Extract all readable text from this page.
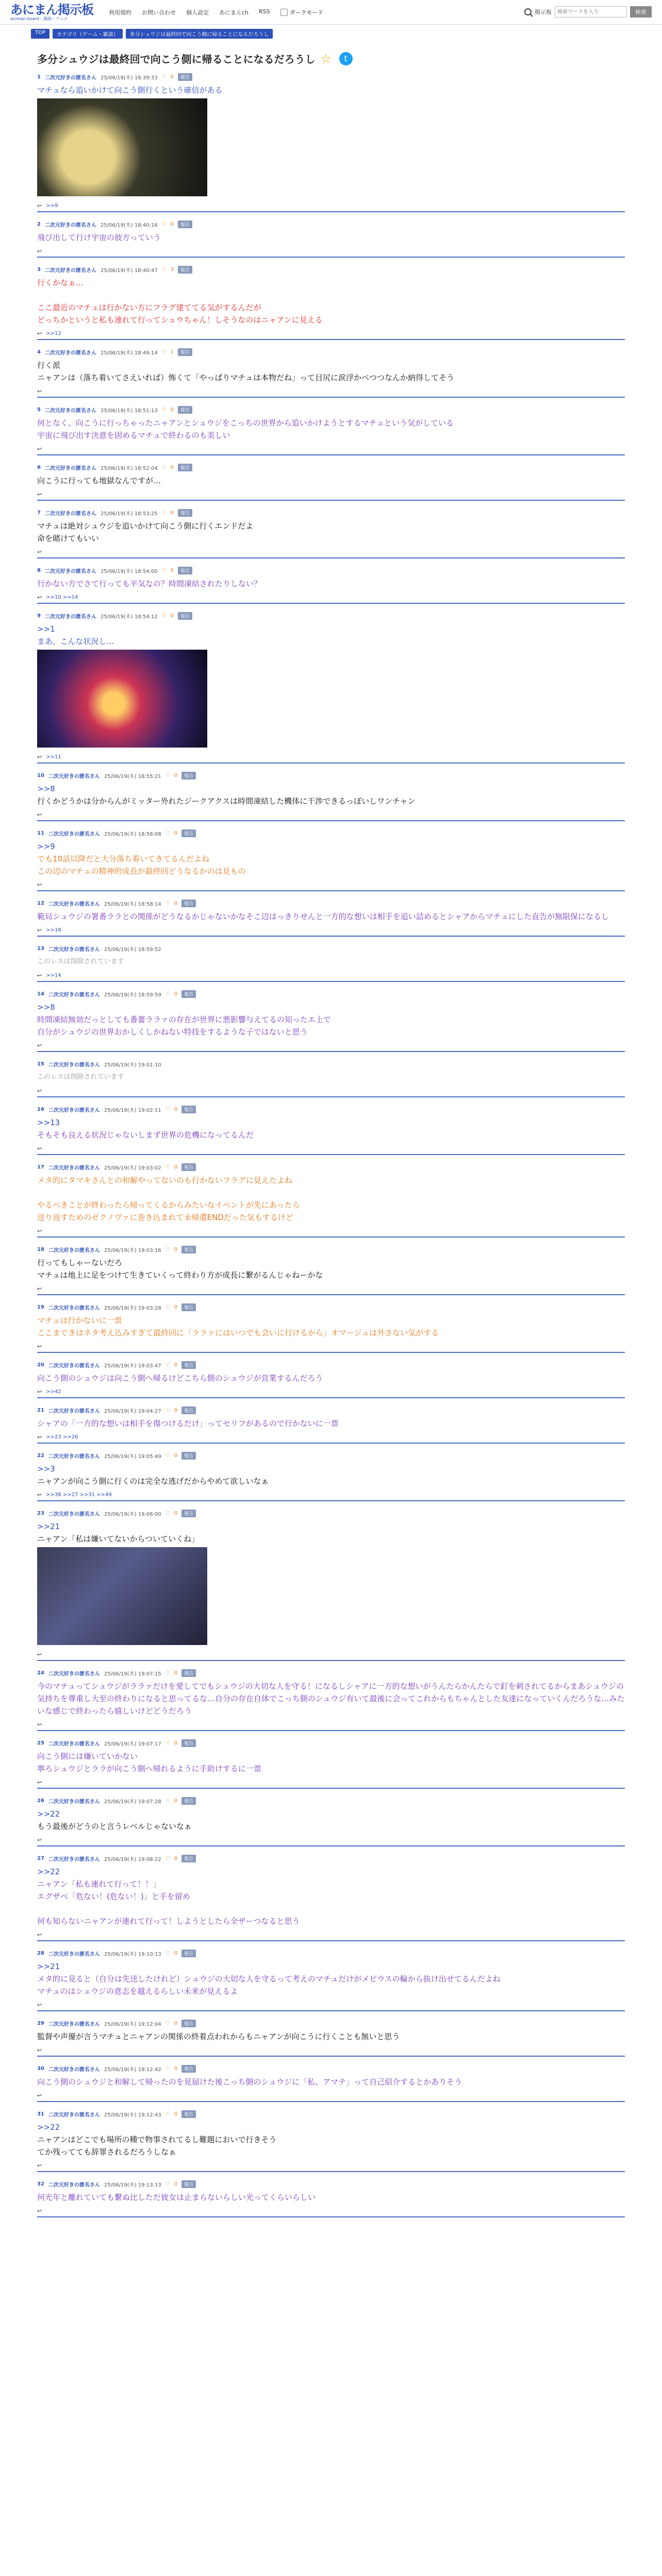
あにまん掲示板
animan board - 漫画・アニメ
利用規約 お問い合わせ 個人設定 あにまんch RSS	ダークモード	掲示板
検索ワードを入力	検索
TOP	カテゴリ（ゲーム・雑談）	多分シュウジは最終回で向こう側に帰ることになるだろうし
多分シュウジは最終回で向こう側に帰ることになるだろうし ☆	t
1 二次元好きの匿名さん 25/06/19(木) 18:39:33 ♡ 0	報告

マチュなら追いかけて向こう側行くという確信がある

↩ >>9
2 二次元好きの匿名さん 25/06/19(木) 18:40:16 ♡ 0	報告

飛び出して行け宇宙の彼方っていう

↩
3 二次元好きの匿名さん 25/06/19(木) 18:40:47 ♡ 3	報告

行くかなぁ…

ここ最近のマチュは行かない方にフラグ建ててる気がするんだが

どっちかというと私も連れて行ってシュウちゃん！しそうなのはニャアンに見える

↩ >>12
4 二次元好きの匿名さん 25/06/19(木) 18:49:14 ♡ 1	報告

行く派

ニャアンは（落ち着いてさえいれば）怖くて「やっぱりマチュは本物だね」って目尻に涙浮かべつつなんか納得してそう

↩
5 二次元好きの匿名さん 25/06/19(木) 18:51:13 ♡ 0	報告

何となく、向こうに行っちゃったニャアンとシュウジをこっちの世界から追いかけようとするマチュという気がしている

宇宙に飛び出す決意を固めるマチュで終わるのも美しい

↩
6 二次元好きの匿名さん 25/06/19(木) 18:52:04 ♡ 0	報告

向こうに行っても地獄なんですが…

↩
7 二次元好きの匿名さん 25/06/19(木) 18:53:25 ♡ 0	報告

マチュは絶対シュウジを追いかけて向こう側に行くエンドだよ

命を賭けてもいい

↩
8 二次元好きの匿名さん 25/06/19(木) 18:54:00 ♡ 0	報告

行かない方でさて行っても平気なの？時間凍結されたりしない？

↩ >>10 >>14
9 二次元好きの匿名さん 25/06/19(木) 18:54:12 ♡ 0	報告

>>1

まあ、こんな状況し…

↩ >>11
10 二次元好きの匿名さん 25/06/19(木) 18:55:21 ♡ 0	報告

>>8

行くかどうかは分からんがミッター外れたジークアクスは時間凍結した機体に干渉できるっぽいしワンチャン

↩
11 二次元好きの匿名さん 25/06/19(木) 18:58:08 ♡ 0	報告

>>9

でも10話以降だと大分落ち着いてきてるんだよね

この辺のマチュの精神的成長が最終回どうなるかのは見もの

↩
12 二次元好きの匿名さん 25/06/19(木) 18:58:14 ♡ 0	報告

範局シュウジの署番ララとの関係がどうなるかじゃないかなそこ辺はっきりせんと一方的な想いは相手を追い詰めるとシャアからマチュにした直告が無限保になるし

↩ >>16
13 二次元好きの匿名さん 25/06/19(木) 18:59:52

このレスは削除されています

↩ >>14
14 二次元好きの匿名さん 25/06/19(木) 18:59:59 ♡ 0	報告

>>8

時間凍結無効だっとしても番薔ララァの存在が世界に悪影響与えてるの知ったエ上で

自分がシュウジの世界おかしくしかねない特技をするような子ではないと思う

↩
15 二次元好きの匿名さん 25/06/19(木) 19:01:10

このレスは削除されています

↩
16 二次元好きの匿名さん 25/06/19(木) 19:02:11 ♡ 0	報告

>>13

そもそも良える状況じゃないしまず世界の危機になってるんだ

↩
17 二次元好きの匿名さん 25/06/19(木) 19:03:02 ♡ 0	報告

メタ的にタマキさんとの和解やってないのも行かないフラグに見えたよね

やるべきことが終わったら帰ってくるからみたいなイベントが先にあったら

送り返すためのゼクノヴァに巻き込まれて未帰還ENDだった気もするけど

↩
18 二次元好きの匿名さん 25/06/19(木) 19:03:16 ♡ 0	報告

行ってもしゃーないだろ

マチュは地上に足をつけて生きていくって終わり方が成長に繋がるんじゃねーかな

↩
19 二次元好きの匿名さん 25/06/19(木) 19:03:28 ♡ 0	報告

マチュは行かないに一票

ここまできはネタ考え込みすぎて最終回に「ララァにはいつでも会いに行けるから」オマージュは外さない気がする

↩
20 二次元好きの匿名さん 25/06/19(木) 19:03:47 ♡ 0	報告

向こう側のシュウジは向こう側へ帰るけどこちら側のシュウジが営業するんだろう

↩ >>42
21 二次元好きの匿名さん 25/06/19(木) 19:04:27 ♡ 0	報告

シャアの「一方的な想いは相手を傷つけるだけ」ってセリフがあるので行かないに一票

↩ >>23 >>26
22 二次元好きの匿名さん 25/06/19(木) 19:05:49 ♡ 0	報告

>>3

ニャアンが向こう側に行くのは完全な逃げだからやめて欲しいなぁ

↩ >>38 >>27 >>31 >>49
23 二次元好きの匿名さん 25/06/19(木) 19:06:00 ♡ 0	報告

>>21

ニャアン「私は嫌いてないからついていくね」

↩
24 二次元好きの匿名さん 25/06/19(木) 19:07:15 ♡ 0	報告

今のマチュってシュウジがララァだけを愛してでもシュウジの大切な人を守る！になるしシャアに一方的な想いがうんたらかんたらで釘を刺されてるからまあシュウジの気持ちを尊重し大至の終わりになると思ってるな…自分の存在自体でこっち側のシュウジ有いて最後に会ってこれからもちゃんとした友達になっていくんだろうな…みたいな感じで終わったら嬉しいけどどうだろう

↩
25 二次元好きの匿名さん 25/06/19(木) 19:07:17 ♡ 0	報告

向こう側には嫌いていかない

寧ろシュウジとララが向こう側へ帰れるように手助けするに一票

↩
26 二次元好きの匿名さん 25/06/19(木) 19:07:28 ♡ 0	報告

>>22

もう最後がどうのと言うレベルじゃないなぁ

↩
27 二次元好きの匿名さん 25/06/19(木) 19:08:22 ♡ 0	報告

>>22

ニャアン「私も連れて行って！！」

エグザベ「危ない！(危ない！)」と手を留め

何も知らないニャアンが連れて行って！しようとしたら全ザーつなると思う

↩
28 二次元好きの匿名さん 25/06/19(木) 19:10:13 ♡ 0	報告

>>21

メタ的に見ると（自分は先送したけれど）シュウジの大切な人を守るって考えのマチュだけがメビウスの輪から抜け出せてるんだよね

マチュのはシュウジの意志を越えるらしい未来が見えるよ

↩
29 二次元好きの匿名さん 25/06/19(木) 19:12:04 ♡ 0	報告

監督や声優が言うマチュとニャアンの関係の終着点われからもニャアンが向こうに行くことも無いと思う

↩
30 二次元好きの匿名さん 25/06/19(木) 19:12:42 ♡ 0	報告

向こう側のシュウジと和解して帰ったのを見届けた後こっち側のシュウジに「私、アマテ」って自己紹介するとかありそう

↩
31 二次元好きの匿名さん 25/06/19(木) 19:12:43 ♡ 0	報告

>>22

ニャアンはどこでも場所の種で物事されてるし難題においで行きそう

てか残ってても辞罪されるだろうしなぁ

↩
32 二次元好きの匿名さん 25/06/19(木) 19:13:13 ♡ 0	報告

何光年と離れていても繋ぬ比しただ彼女は止まらないらしい光ってくらいらしい

↩
